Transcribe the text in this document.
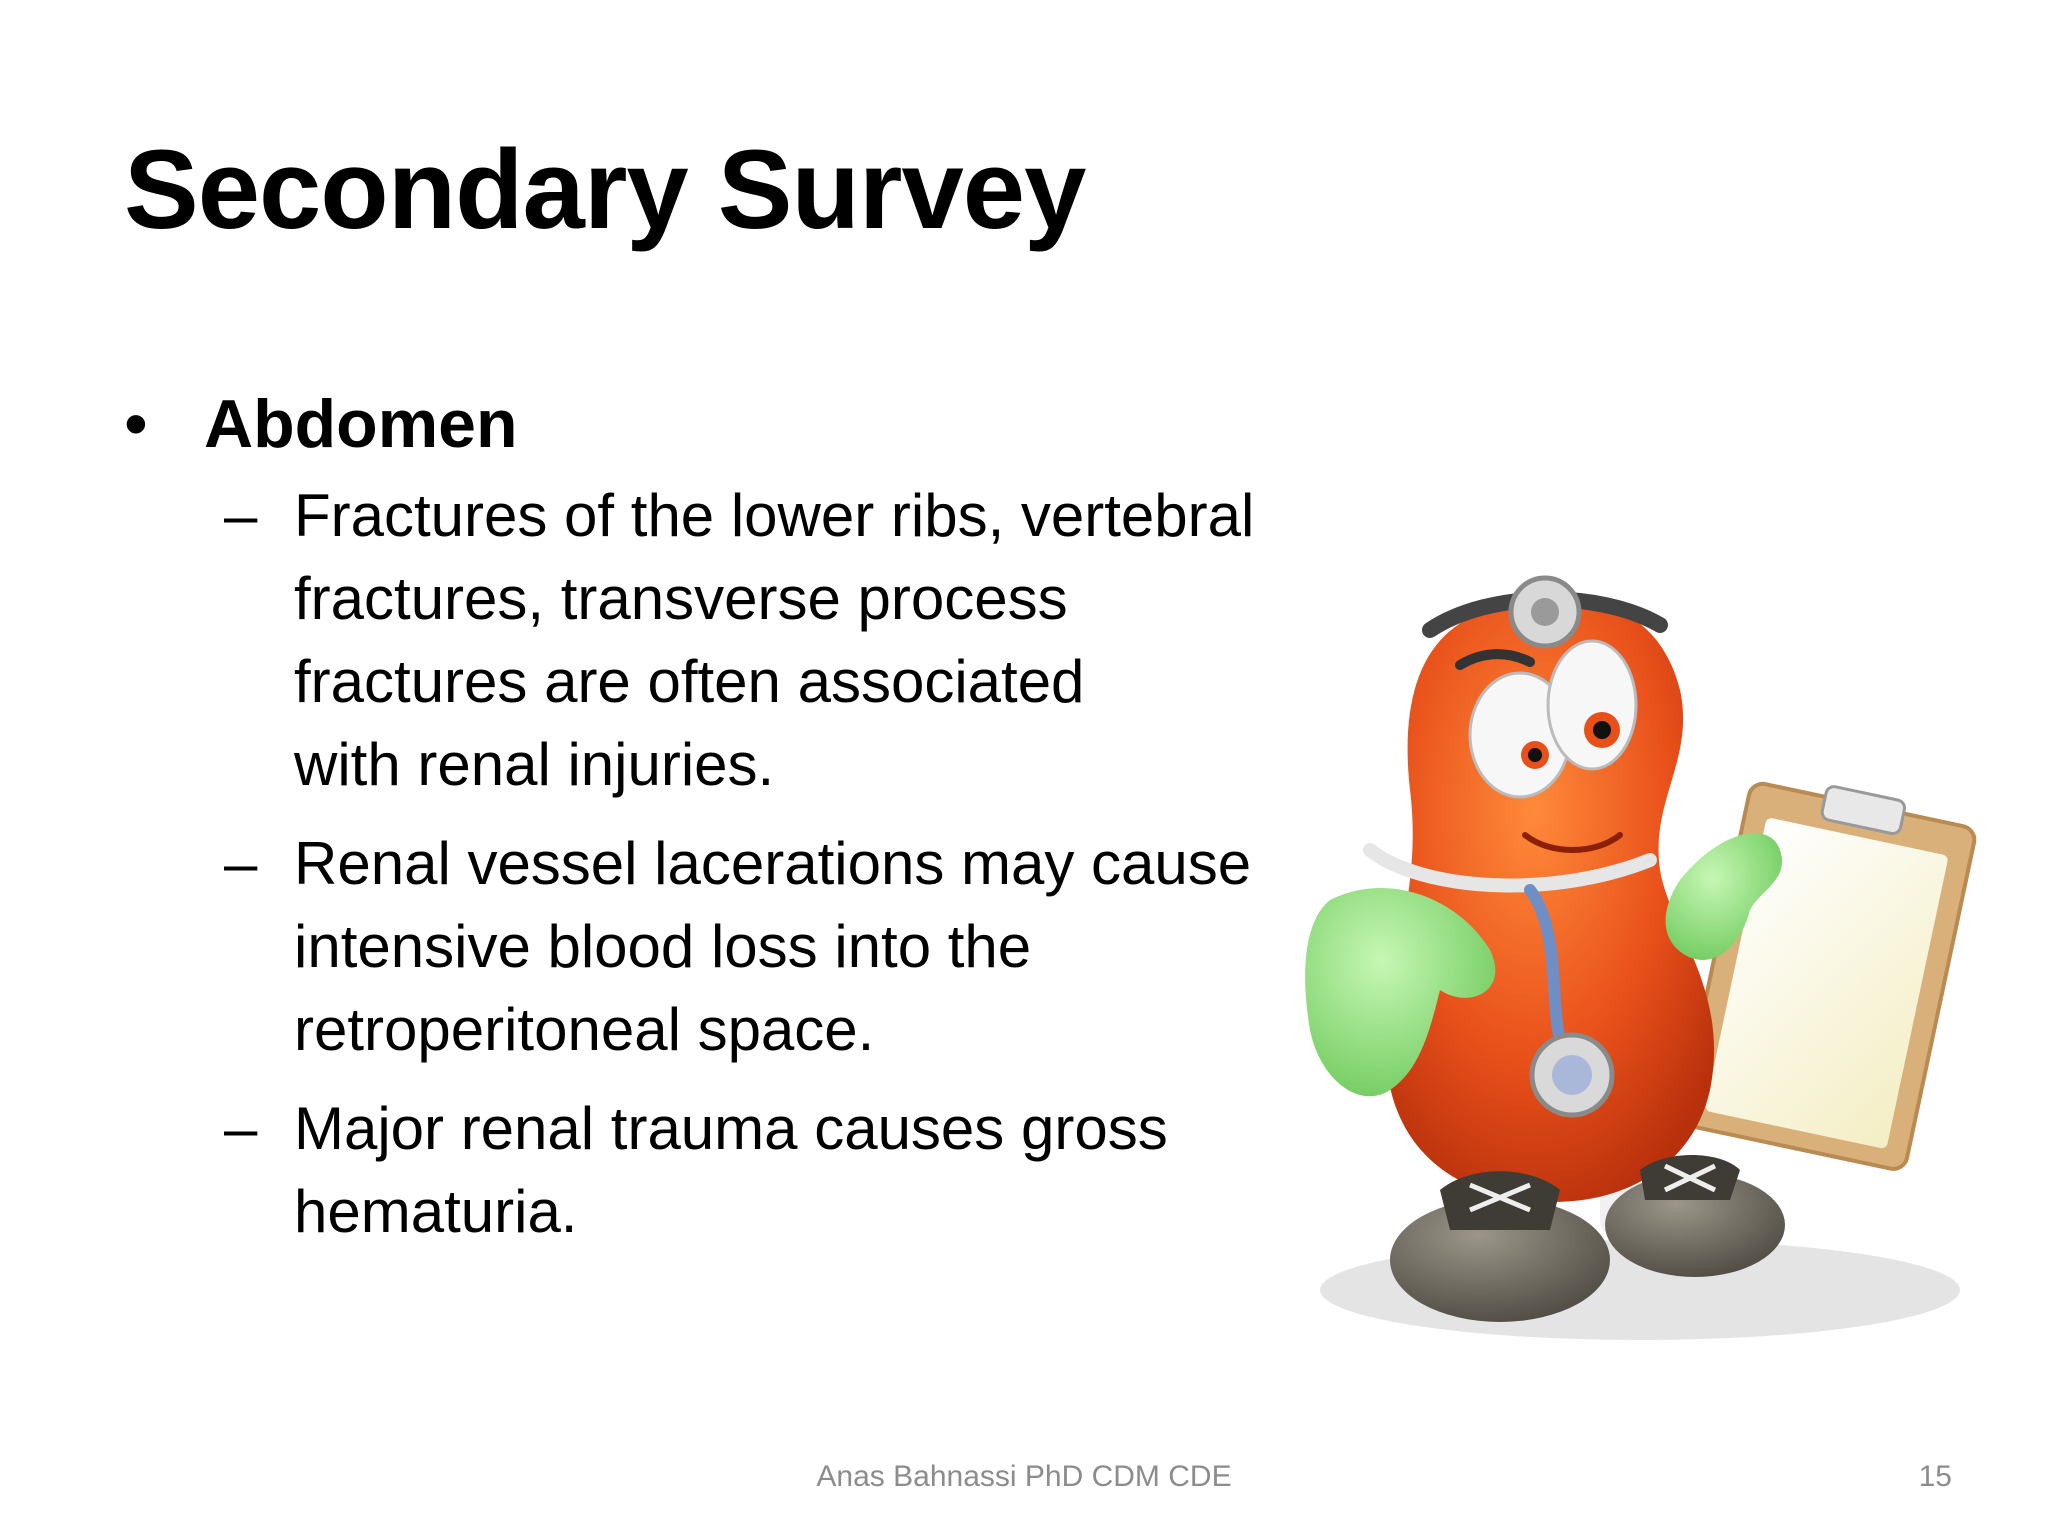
Secondary Survey
• Abdomen
– Fractures of the lower ribs, vertebral
fractures, transverse process
fractures are often associated
with renal injuries.
– Renal vessel lacerations may cause
intensive blood loss into the
retroperitoneal space.
– Major renal trauma causes gross
hematuria.
Anas Bahnassi PhD CDM CDE	15
